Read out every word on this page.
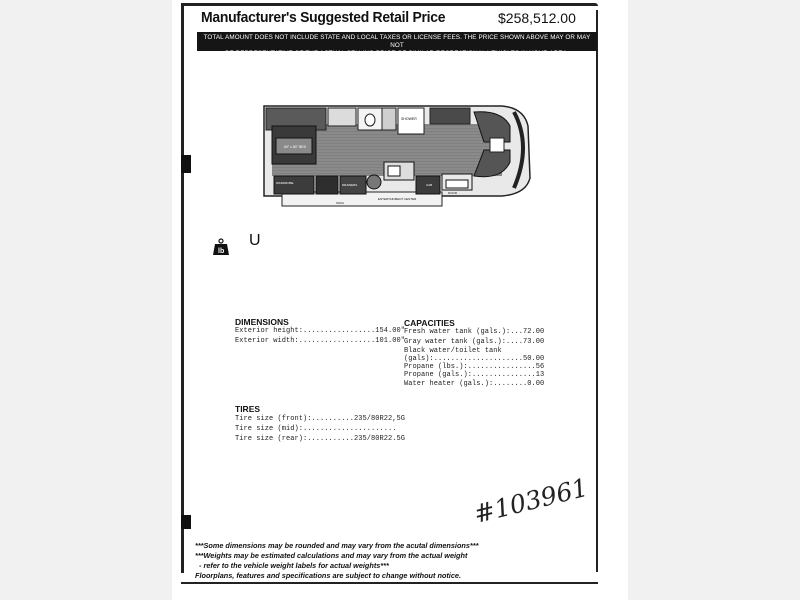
Manufacturer's Suggested Retail Price	$258,512.00
TOTAL AMOUNT DOES NOT INCLUDE STATE AND LOCAL TAXES OR LICENSE FEES. THE PRICE SHOWN ABOVE MAY OR MAY NOT
BE REPRESENTATIVE OF THE ACTUAL SELLING PRICE OF SIMILAR RECREATIONAL VEHICLES IN YOUR AREA.
60" x 80" BED
SHOWER
WARDROBE	DRAWERS
SOFA
ENTERTAINMENT CENTER
CAB
DOOR
lb
U
DIMENSIONS
Exterior height:.................154.00"
Exterior width:..................101.00"
CAPACITIES
Fresh water tank (gals.):...72.00
Gray water tank (gals.):....73.00
Black water/toilet tank
(gals):.....................50.00
Propane (lbs.):................56
Propane (gals.):...............13
Water heater (gals.):........0.00
TIRES
Tire size (front):..........235/80R22,5G
Tire size (mid):......................
Tire size (rear):...........235/80R22.5G
#103961
***Some dimensions may be rounded and may vary from the acutal dimensions***
***Weights may be estimated calculations and may vary from the actual weight
- refer to the vehicle weight labels for actual weights***
Floorplans, features and specifications are subject to change without notice.
